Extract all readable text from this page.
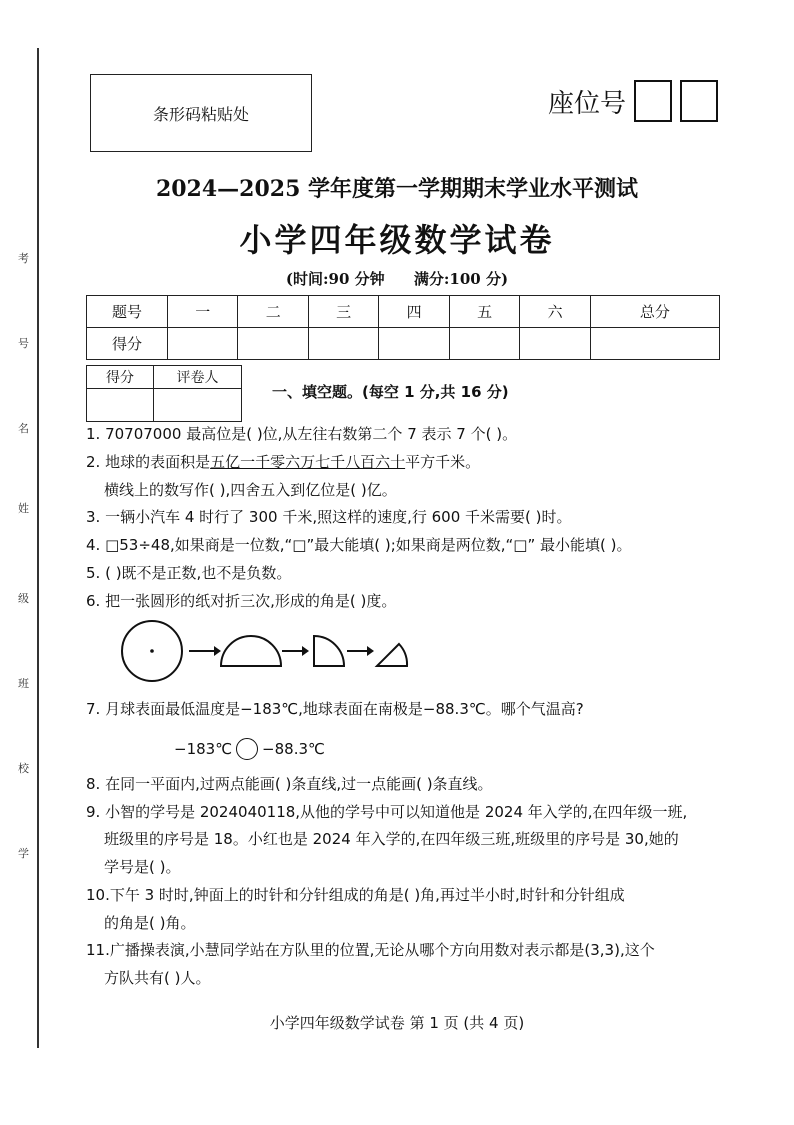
考
号
名
姓
级
班
校
学
条形码粘贴处	座位号
2024—2025 学年度第一学期期末学业水平测试
小学四年级数学试卷
(时间:90 分钟 满分:100 分)
题号	一	二	三	四	五	六	总分
得分							
得分	评卷人

一、填空题。(每空 1 分,共 16 分)
1. 70707000 最高位是( )位,从左往右数第二个 7 表示 7 个( )。
2. 地球的表面积是五亿一千零六万七千八百六十平方千米。
横线上的数写作( ),四舍五入到亿位是( )亿。
3. 一辆小汽车 4 时行了 300 千米,照这样的速度,行 600 千米需要( )时。
4. □53÷48,如果商是一位数,“□”最大能填( );如果商是两位数,“□” 最小能填( )。
5. ( )既不是正数,也不是负数。
6. 把一张圆形的纸对折三次,形成的角是( )度。
7. 月球表面最低温度是−183℃,地球表面在南极是−88.3℃。哪个气温高?
−183℃ −88.3℃
8. 在同一平面内,过两点能画( )条直线,过一点能画( )条直线。
9. 小智的学号是 2024040118,从他的学号中可以知道他是 2024 年入学的,在四年级一班,
班级里的序号是 18。小红也是 2024 年入学的,在四年级三班,班级里的序号是 30,她的
学号是( )。
10.下午 3 时时,钟面上的时针和分针组成的角是( )角,再过半小时,时针和分针组成
的角是( )角。
11.广播操表演,小慧同学站在方队里的位置,无论从哪个方向用数对表示都是(3,3),这个
方队共有( )人。
小学四年级数学试卷 第 1 页 (共 4 页)
